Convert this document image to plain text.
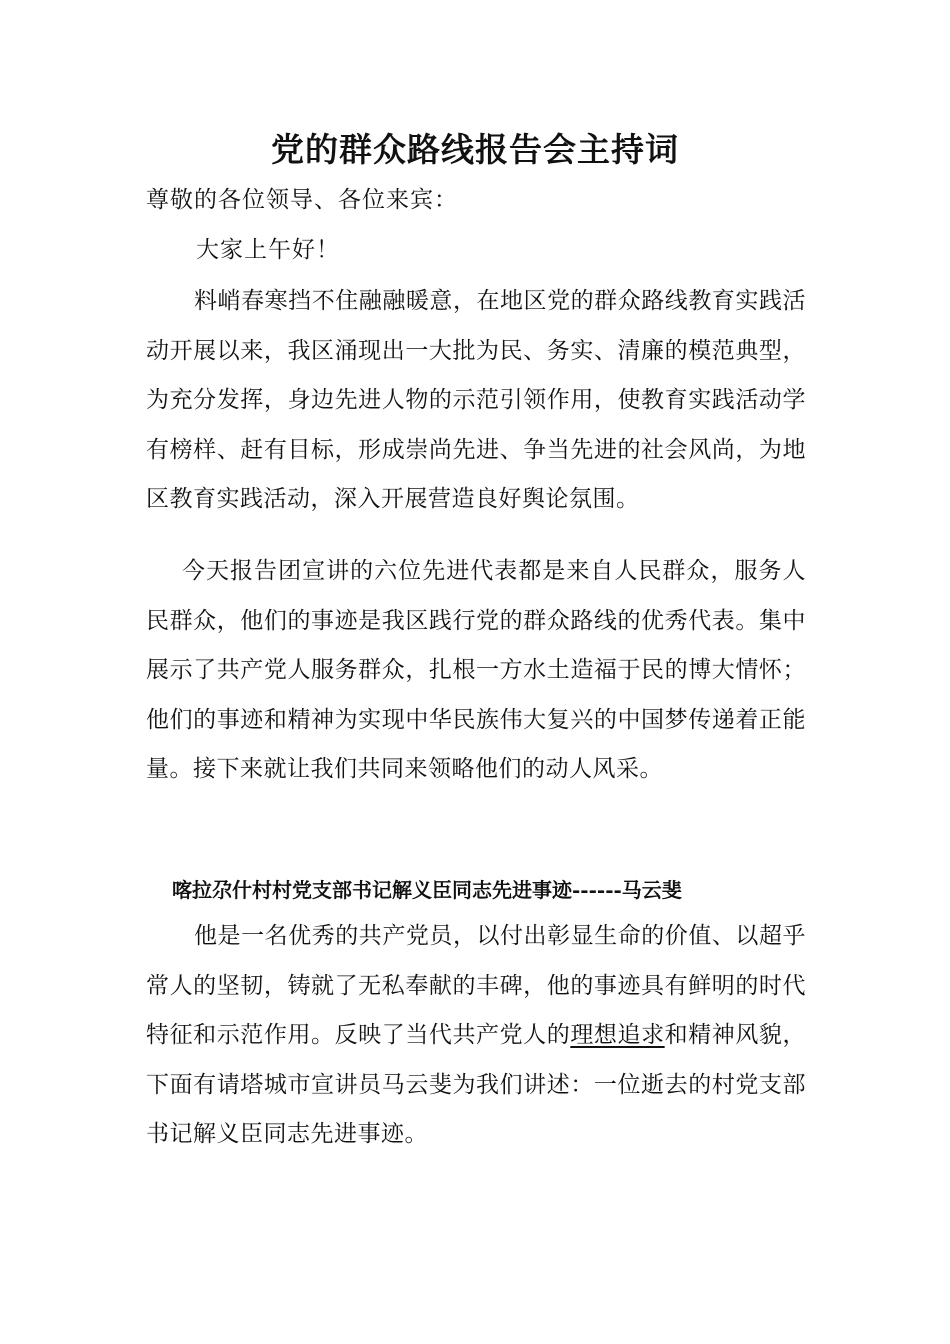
党的群众路线报告会主持词
尊敬的各位领导、各位来宾：
大家上午好！

料峭春寒挡不住融融暖意，在地区党的群众路线教育实践活动开展以来，我区涌现出一大批为民、务实、清廉的模范典型，为充分发挥，身边先进人物的示范引领作用，使教育实践活动学有榜样、赶有目标，形成崇尚先进、争当先进的社会风尚，为地区教育实践活动，深入开展营造良好舆论氛围。

今天报告团宣讲的六位先进代表都是来自人民群众，服务人民群众，他们的事迹是我区践行党的群众路线的优秀代表。集中展示了共产党人服务群众，扎根一方水土造福于民的博大情怀；他们的事迹和精神为实现中华民族伟大复兴的中国梦传递着正能量。接下来就让我们共同来领略他们的动人风采。

喀拉尕什村村党支部书记解义臣同志先进事迹------马云斐

他是一名优秀的共产党员，以付出彰显生命的价值、以超乎常人的坚韧，铸就了无私奉献的丰碑，他的事迹具有鲜明的时代特征和示范作用。反映了当代共产党人的理想追求和精神风貌，下面有请塔城市宣讲员马云斐为我们讲述：一位逝去的村党支部书记解义臣同志先进事迹。
